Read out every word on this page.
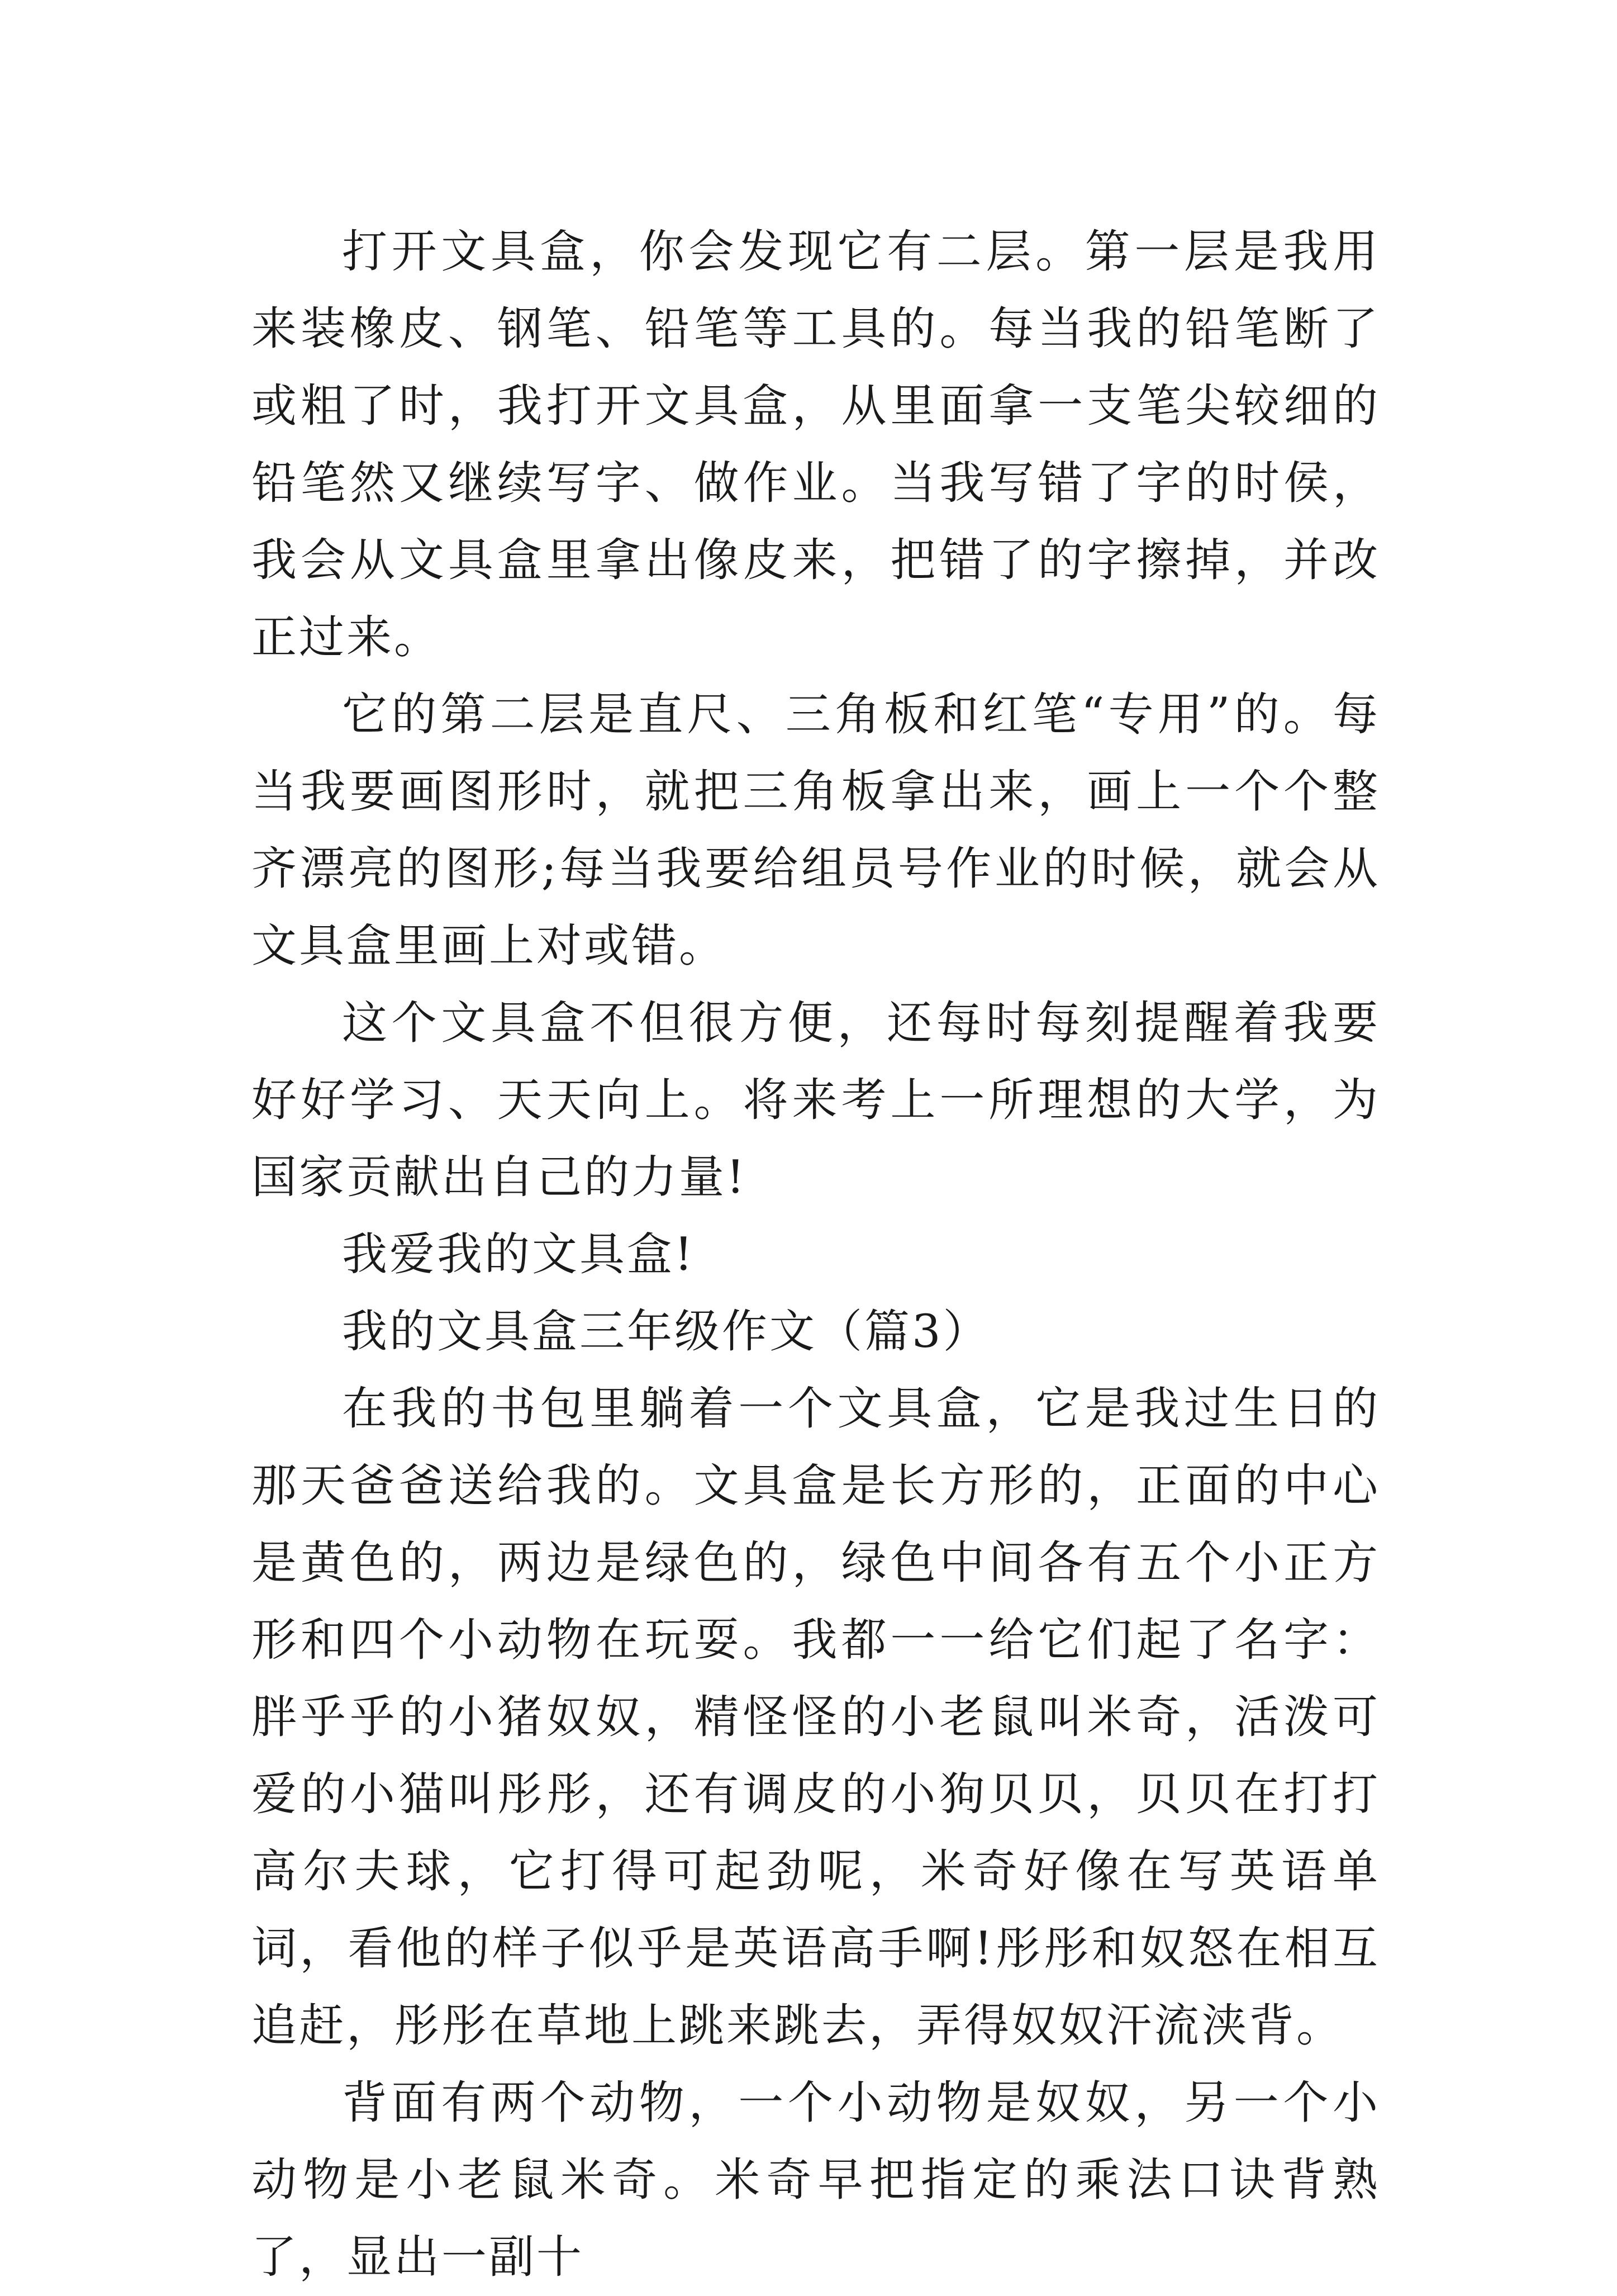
打开文具盒，你会发现它有二层。第一层是我用来装橡皮、钢笔、铅笔等工具的。每当我的铅笔断了或粗了时，我打开文具盒，从里面拿一支笔尖较细的铅笔然又继续写字、做作业。当我写错了字的时侯，我会从文具盒里拿出像皮来，把错了的字擦掉，并改正过来。

它的第二层是直尺、三角板和红笔“专用”的。每当我要画图形时，就把三角板拿出来，画上一个个整齐漂亮的图形;每当我要给组员号作业的时候，就会从文具盒里画上对或错。

这个文具盒不但很方便，还每时每刻提醒着我要好好学习、天天向上。将来考上一所理想的大学，为国家贡献出自己的力量!

我爱我的文具盒!

我的文具盒三年级作文（篇3）

在我的书包里躺着一个文具盒，它是我过生日的那天爸爸送给我的。文具盒是长方形的，正面的中心是黄色的，两边是绿色的，绿色中间各有五个小正方形和四个小动物在玩耍。我都一一给它们起了名字：胖乎乎的小猪奴奴，精怪怪的小老鼠叫米奇，活泼可爱的小猫叫彤彤，还有调皮的小狗贝贝，贝贝在打打高尔夫球，它打得可起劲呢，米奇好像在写英语单词，看他的样子似乎是英语高手啊!彤彤和奴怒在相互追赶，彤彤在草地上跳来跳去，弄得奴奴汗流浃背。

背面有两个动物，一个小动物是奴奴，另一个小动物是小老鼠米奇。米奇早把指定的乘法口诀背熟了，显出一副十
